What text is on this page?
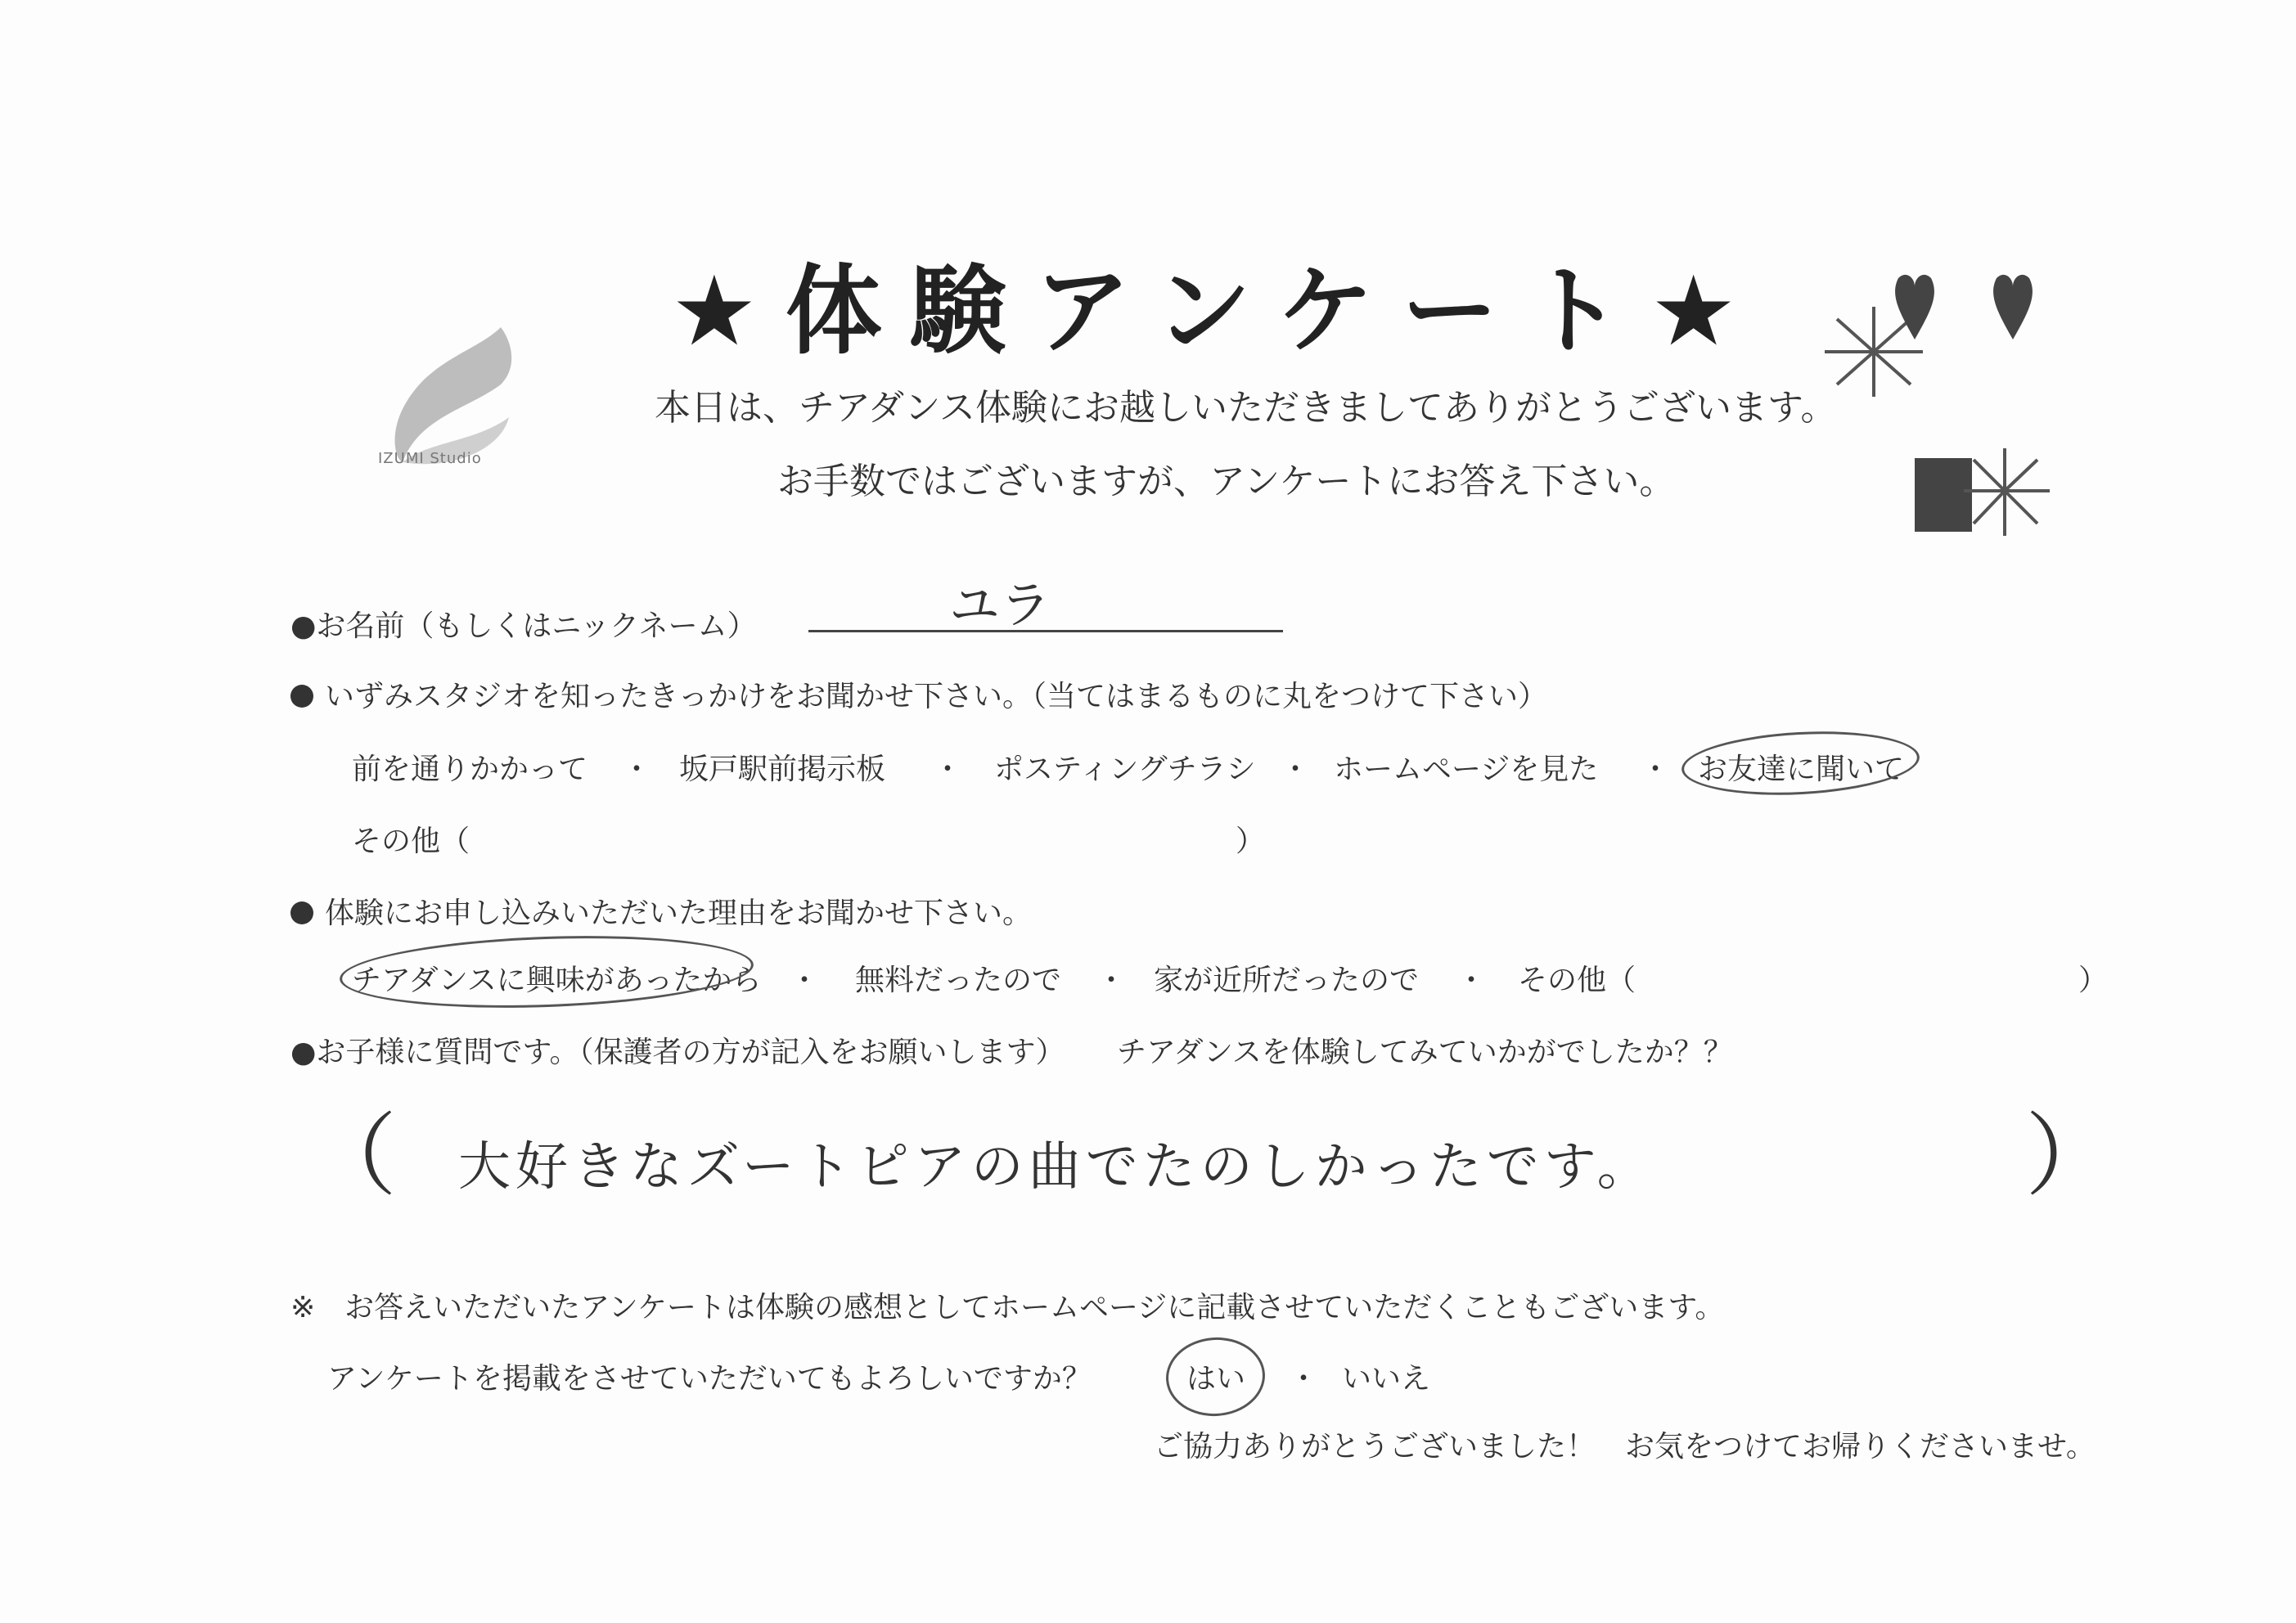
★体験アンケート★
本日は、チアダンス体験にお越しいただきましてありがとうございます。
お手数ではございますが、アンケートにお答え下さい。
IZUMI Studio
●お名前（もしくはニックネーム）	ユラ
いずみスタジオを知ったきっかけをお聞かせ下さい。（当てはまるものに丸をつけて下さい）
前を通りかかって ・ 坂戸駅前掲示板 ・ ポスティングチラシ ・ ホームページを見た ・ お友達に聞いて
その他（	）
体験にお申し込みいただいた理由をお聞かせ下さい。
チアダンスに興味があったから ・ 無料だったので ・ 家が近所だったので ・ その他（	）
●お子様に質問です。（保護者の方が記入をお願いします） チアダンスを体験してみていかがでしたか？？
（ 大好きなズートピアの曲でたのしかったです。	）
※　お答えいただいたアンケートは体験の感想としてホームページに記載させていただくこともございます。
アンケートを掲載をさせていただいてもよろしいですか？	はい ・ いいえ
ご協力ありがとうございました！　お気をつけてお帰りくださいませ。
